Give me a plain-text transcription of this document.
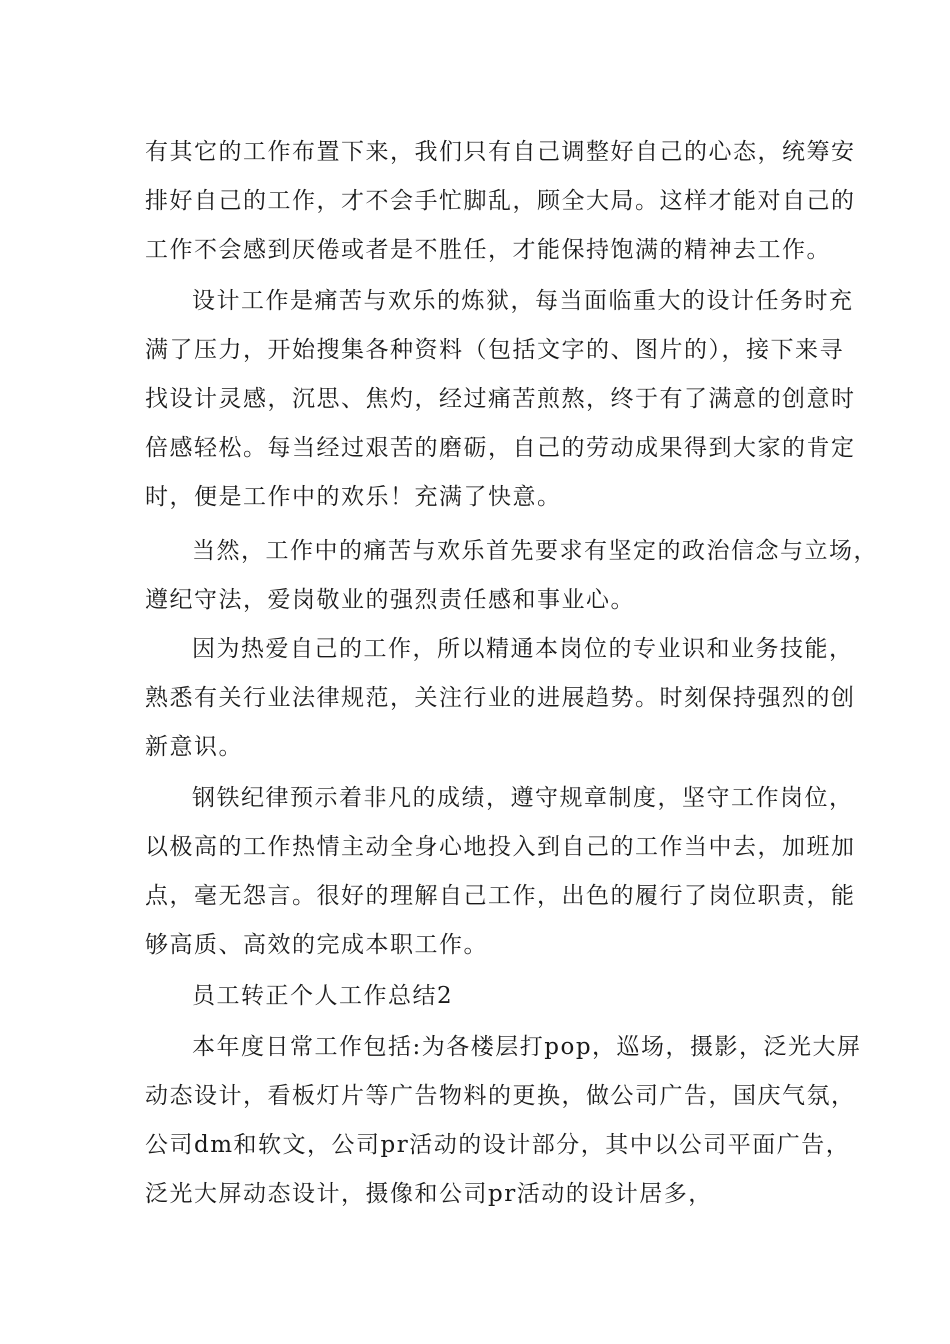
有其它的工作布置下来，我们只有自己调整好自己的心态，统筹安
排好自己的工作，才不会手忙脚乱，顾全大局。这样才能对自己的
工作不会感到厌倦或者是不胜任，才能保持饱满的精神去工作。
设计工作是痛苦与欢乐的炼狱，每当面临重大的设计任务时充
满了压力，开始搜集各种资料（包括文字的、图片的），接下来寻
找设计灵感，沉思、焦灼，经过痛苦煎熬，终于有了满意的创意时
倍感轻松。每当经过艰苦的磨砺，自己的劳动成果得到大家的肯定
时，便是工作中的欢乐！充满了快意。
当然，工作中的痛苦与欢乐首先要求有坚定的政治信念与立场，
遵纪守法，爱岗敬业的强烈责任感和事业心。
因为热爱自己的工作，所以精通本岗位的专业识和业务技能，
熟悉有关行业法律规范，关注行业的进展趋势。时刻保持强烈的创
新意识。
钢铁纪律预示着非凡的成绩，遵守规章制度，坚守工作岗位，
以极高的工作热情主动全身心地投入到自己的工作当中去，加班加
点，毫无怨言。很好的理解自己工作，出色的履行了岗位职责，能
够高质、高效的完成本职工作。
员工转正个人工作总结2
本年度日常工作包括:为各楼层打pop，巡场，摄影，泛光大屏
动态设计，看板灯片等广告物料的更换，做公司广告，国庆气氛，
公司dm和软文，公司pr活动的设计部分，其中以公司平面广告，
泛光大屏动态设计，摄像和公司pr活动的设计居多，
